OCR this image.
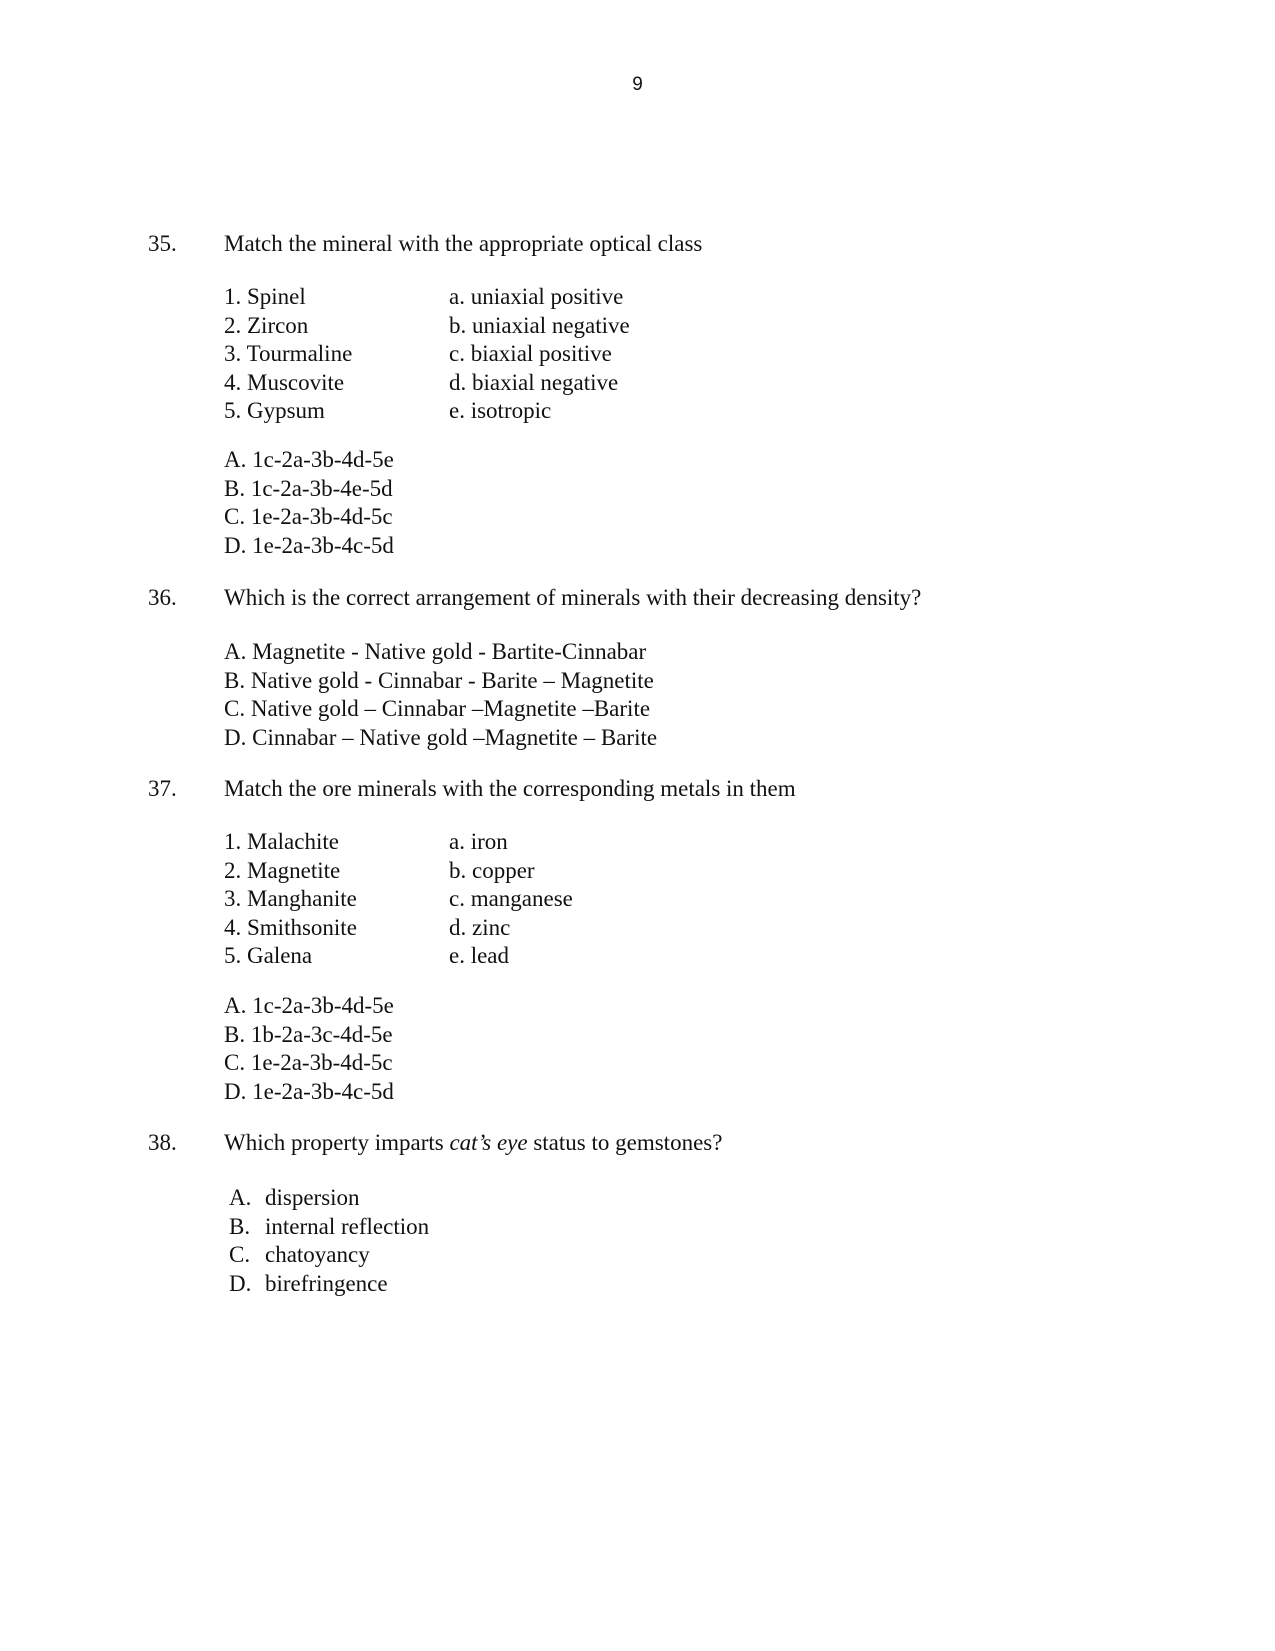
9
35. Match the mineral with the appropriate optical class
1. Spinel
2. Zircon
3. Tourmaline
4. Muscovite
5. Gypsum
a. uniaxial positive
b. uniaxial negative
c. biaxial positive
d. biaxial negative
e. isotropic
A. 1c-2a-3b-4d-5e
B. 1c-2a-3b-4e-5d
C. 1e-2a-3b-4d-5c
D. 1e-2a-3b-4c-5d
36. Which is the correct arrangement of minerals with their decreasing density?
A. Magnetite - Native gold - Bartite-Cinnabar
B. Native gold - Cinnabar - Barite – Magnetite
C. Native gold – Cinnabar –Magnetite –Barite
D. Cinnabar – Native gold –Magnetite – Barite
37. Match the ore minerals with the corresponding metals in them
1. Malachite
2. Magnetite
3. Manghanite
4. Smithsonite
5. Galena
a. iron
b. copper
c. manganese
d. zinc
e. lead
A. 1c-2a-3b-4d-5e
B. 1b-2a-3c-4d-5e
C. 1e-2a-3b-4d-5c
D. 1e-2a-3b-4c-5d
38. Which property imparts cat’s eye status to gemstones?
A. dispersion
B. internal reflection
C. chatoyancy
D. birefringence
